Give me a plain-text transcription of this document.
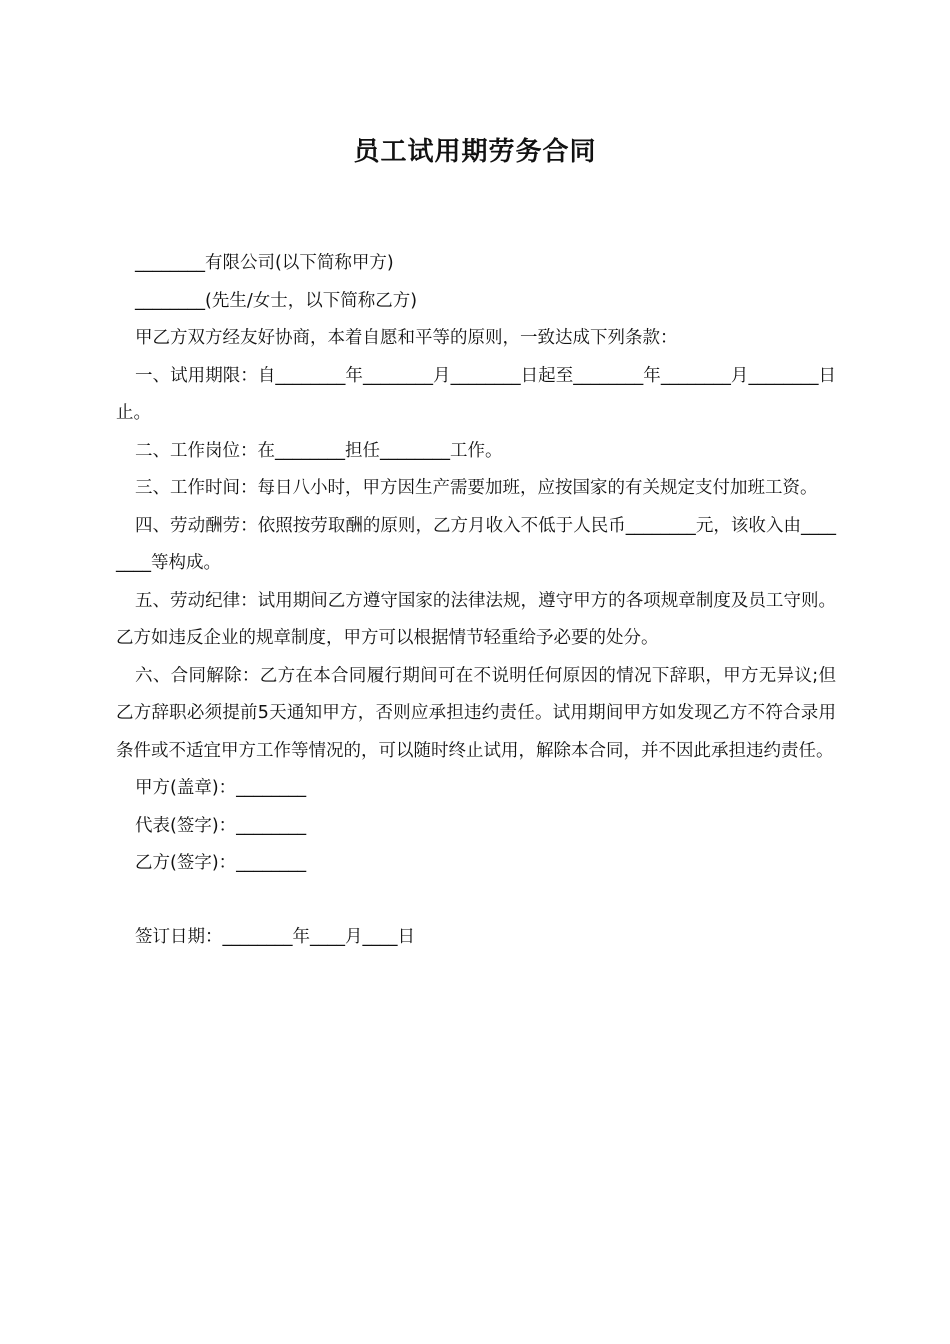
员工试用期劳务合同

________有限公司(以下简称甲方)

________(先生/女士，以下简称乙方)

甲乙方双方经友好协商，本着自愿和平等的原则，一致达成下列条款：

一、试用期限：自________年________月________日起至________年________月________日止。

二、工作岗位：在________担任________工作。

三、工作时间：每日八小时，甲方因生产需要加班，应按国家的有关规定支付加班工资。

四、劳动酬劳：依照按劳取酬的原则，乙方月收入不低于人民币________元，该收入由________等构成。

五、劳动纪律：试用期间乙方遵守国家的法律法规，遵守甲方的各项规章制度及员工守则。乙方如违反企业的规章制度，甲方可以根据情节轻重给予必要的处分。

六、合同解除：乙方在本合同履行期间可在不说明任何原因的情况下辞职，甲方无异议;但乙方辞职必须提前5天通知甲方，否则应承担违约责任。试用期间甲方如发现乙方不符合录用条件或不适宜甲方工作等情况的，可以随时终止试用，解除本合同，并不因此承担违约责任。

甲方(盖章)：________

代表(签字)：________

乙方(签字)：________

签订日期：________年____月____日
